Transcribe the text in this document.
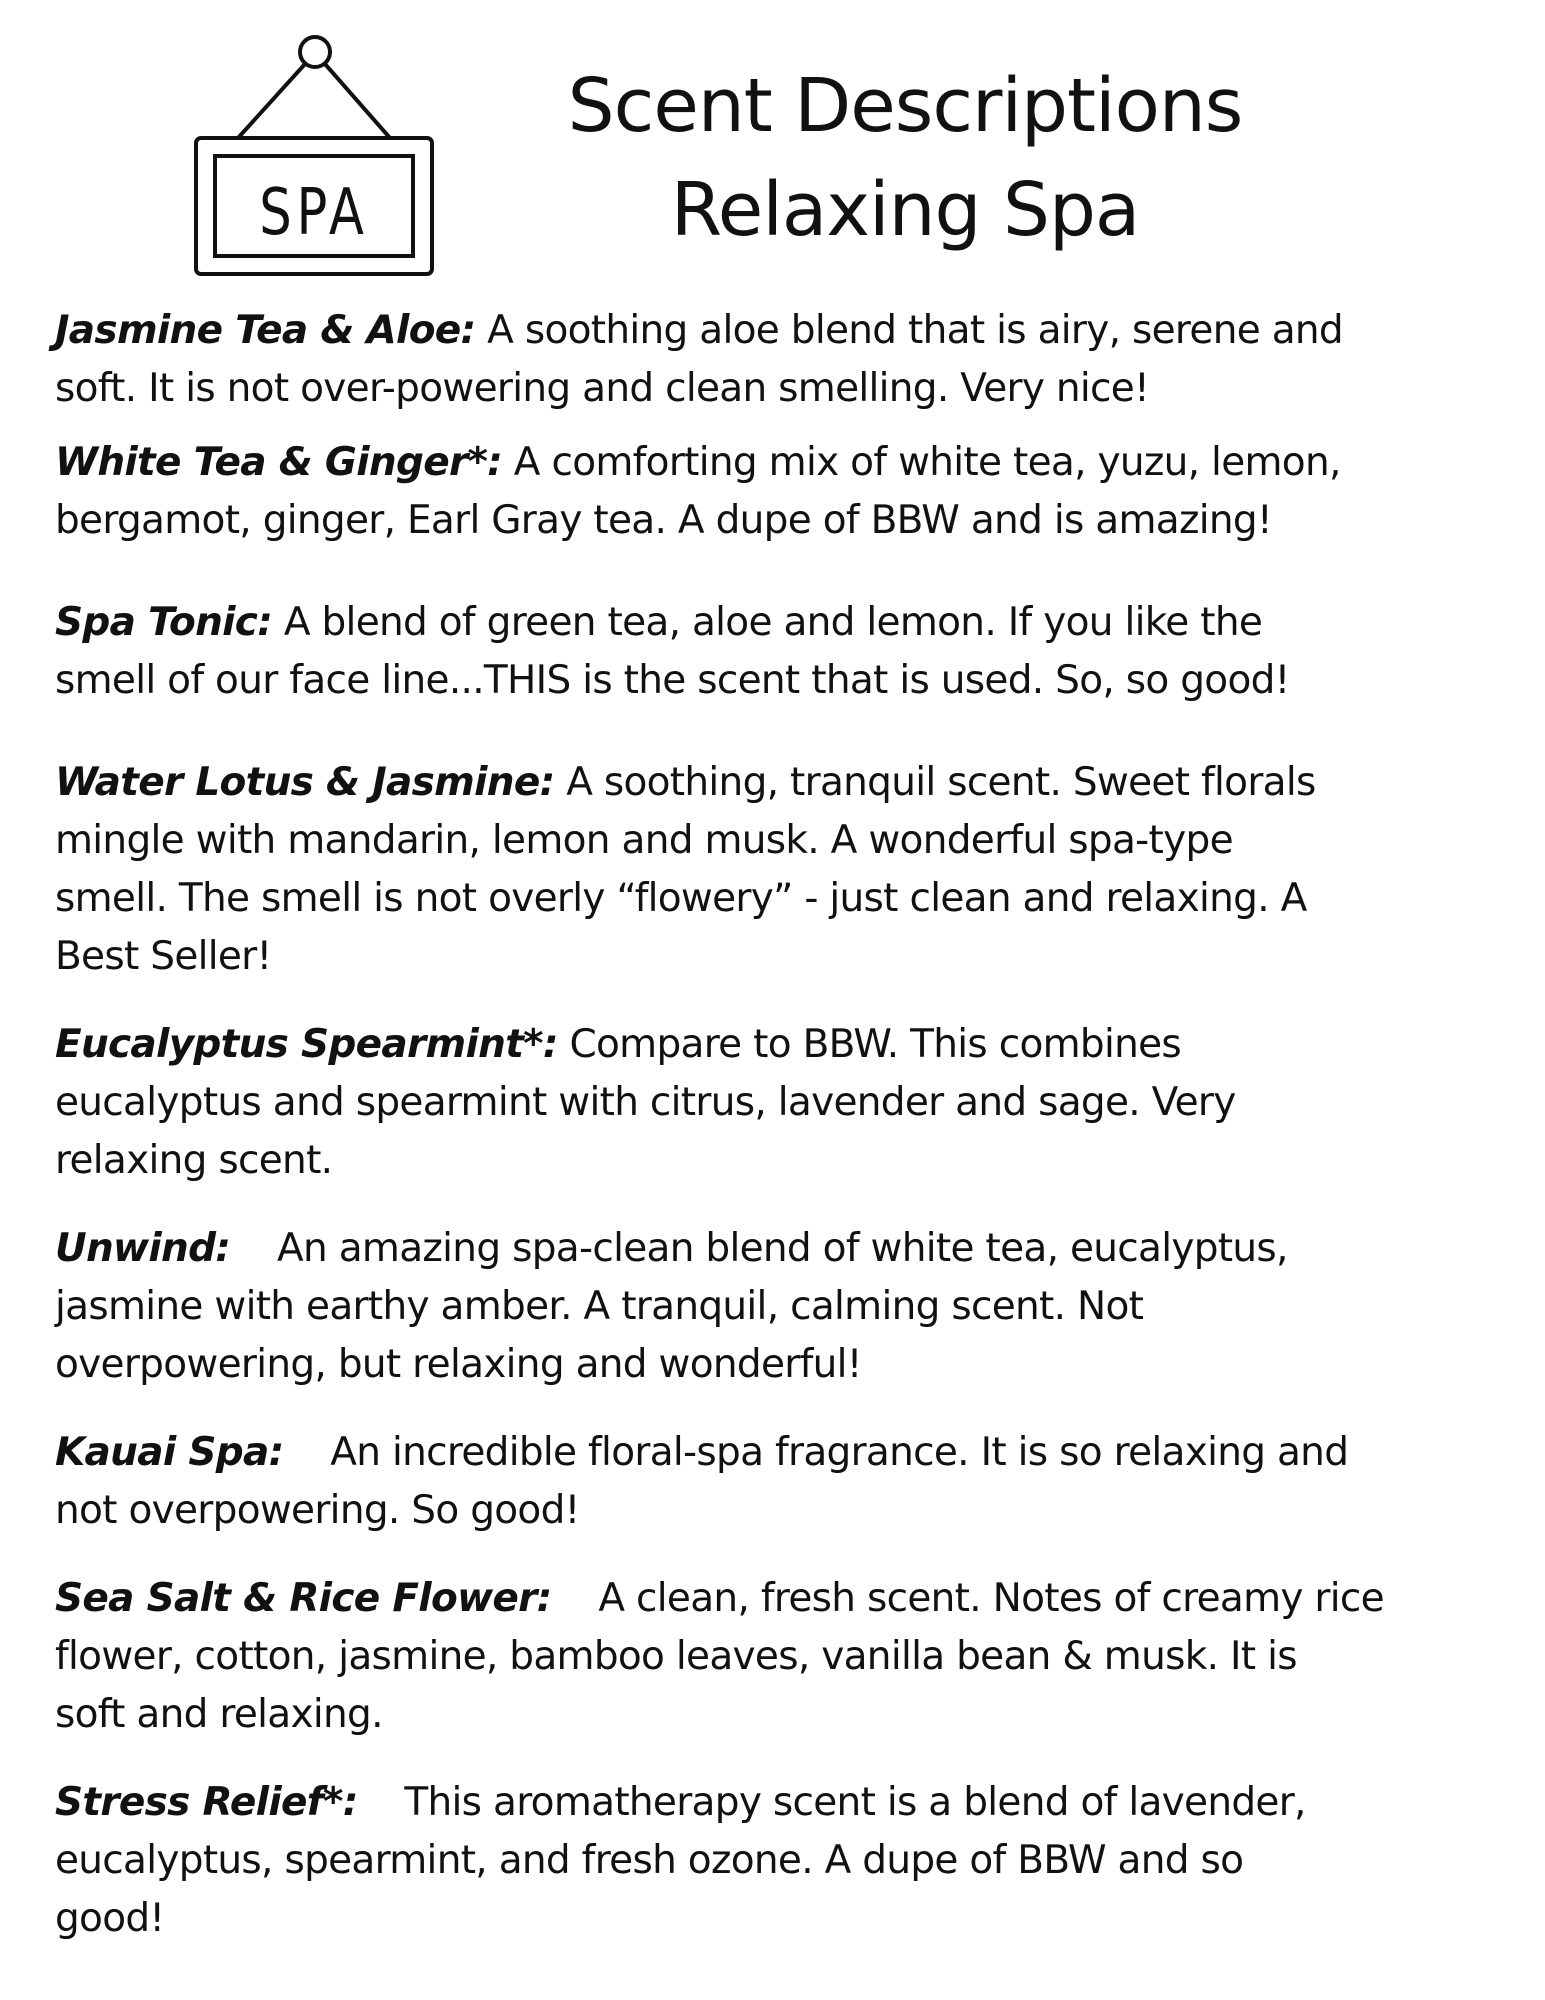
SPA
Scent Descriptions
Relaxing Spa

Jasmine Tea & Aloe: A soothing aloe blend that is airy, serene and
soft. It is not over-powering and clean smelling. Very nice!

White Tea & Ginger*: A comforting mix of white tea, yuzu, lemon,
bergamot, ginger, Earl Gray tea. A dupe of BBW and is amazing!

Spa Tonic: A blend of green tea, aloe and lemon. If you like the
smell of our face line...THIS is the scent that is used. So, so good!

Water Lotus & Jasmine: A soothing, tranquil scent. Sweet florals
mingle with mandarin, lemon and musk. A wonderful spa-type
smell. The smell is not overly “flowery” - just clean and relaxing. A
Best Seller!

Eucalyptus Spearmint*: Compare to BBW. This combines
eucalyptus and spearmint with citrus, lavender and sage. Very
relaxing scent.

Unwind: An amazing spa-clean blend of white tea, eucalyptus,
jasmine with earthy amber. A tranquil, calming scent. Not
overpowering, but relaxing and wonderful!

Kauai Spa: An incredible floral-spa fragrance. It is so relaxing and
not overpowering. So good!

Sea Salt & Rice Flower: A clean, fresh scent. Notes of creamy rice
flower, cotton, jasmine, bamboo leaves, vanilla bean & musk. It is
soft and relaxing.

Stress Relief*: This aromatherapy scent is a blend of lavender,
eucalyptus, spearmint, and fresh ozone. A dupe of BBW and so
good!
